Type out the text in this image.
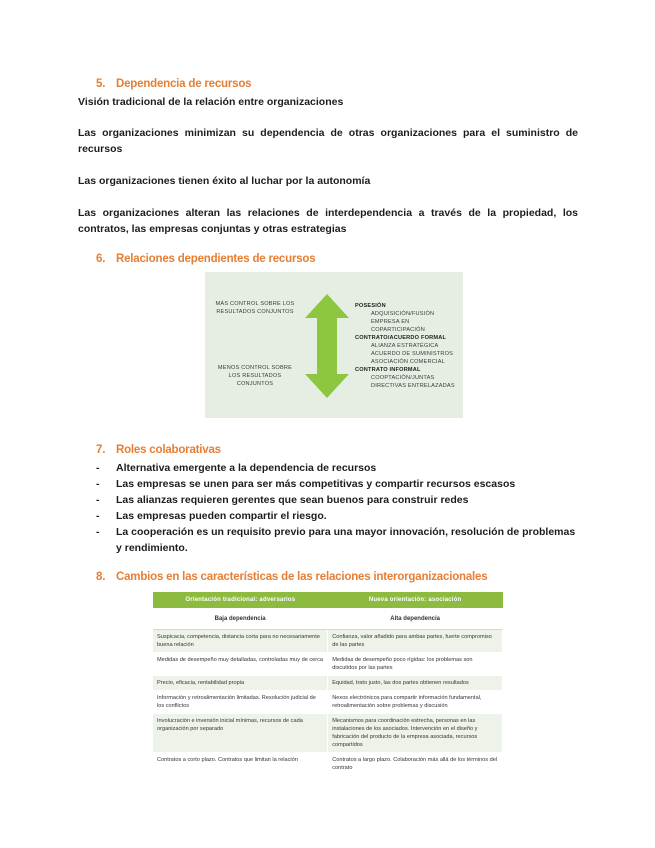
5. Dependencia de recursos
Visión tradicional de la relación entre organizaciones
Las organizaciones minimizan su dependencia de otras organizaciones para el suministro de recursos
Las organizaciones tienen éxito al luchar por la autonomía
Las organizaciones alteran las relaciones de interdependencia a través de la propiedad, los contratos, las empresas conjuntas y otras estrategias
6. Relaciones dependientes de recursos
MÁS CONTROL SOBRE LOS RESULTADOS CONJUNTOS
MENOS CONTROL SOBRE LOS RESULTADOS CONJUNTOS
POSESIÓN
ADQUISICIÓN/FUSIÓN
EMPRESA EN COPARTICIPACIÓN
CONTRATO/ACUERDO FORMAL
ALIANZA ESTRATÉGICA
ACUERDO DE SUMINISTROS
ASOCIACIÓN COMERCIAL
CONTRATO INFORMAL
COOPTACIÓN/JUNTAS
DIRECTIVAS ENTRELAZADAS
7. Roles colaborativas
- Alternativa emergente a la dependencia de recursos
- Las empresas se unen para ser más competitivas y compartir recursos escasos
- Las alianzas requieren gerentes que sean buenos para construir redes
- Las empresas pueden compartir el riesgo.
- La cooperación es un requisito previo para una mayor innovación, resolución de problemas y rendimiento.
8. Cambios en las características de las relaciones interorganizacionales
Orientación tradicional: adversarios	Nueva orientación: asociación
Baja dependencia	Alta dependencia
Suspicacia, competencia, distancia corta para no necesariamente buena relación	Confianza, valor añadido para ambas partes, fuerte compromiso de las partes
Medidas de desempeño muy detalladas, controladas muy de cerca	Medidas de desempeño poco rígidas: los problemas son discutidos por las partes
Precio, eficacia, rentabilidad propia	Equidad, trato justo, las dos partes obtienen resultados
Información y retroalimentación limitadas. Resolución judicial de los conflictos	Nexos electrónicos para compartir información fundamental, retroalimentación sobre problemas y discusión
Involucración e inversión inicial mínimas, recursos de cada organización por separado	Mecanismos para coordinación estrecha, personas en las instalaciones de los asociados. Intervención en el diseño y fabricación del producto de la empresa asociada, recursos compartidos
Contratos a corto plazo. Contratos que limitan la relación	Contratos a largo plazo. Colaboración más allá de los términos del contrato
